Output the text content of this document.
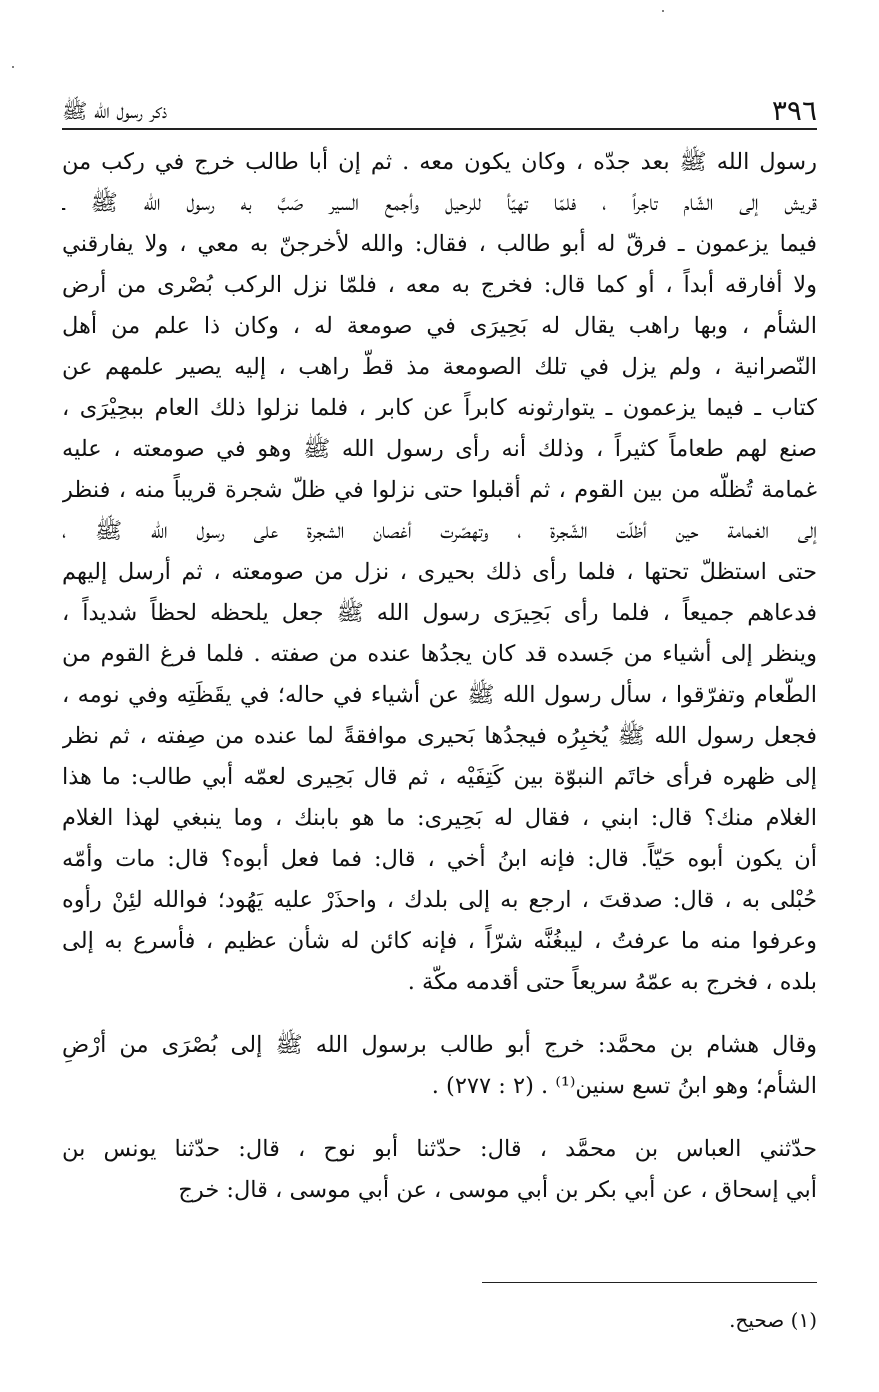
٣٩٦
ذكر رسول الله ﷺ
رسول الله ﷺ بعد جدّه ، وكان يكون معه . ثم إن أبا طالب خرج في ركب من
قريش إلى الشّام تاجراً ، فلمّا تهيّأ للرحيل وأجمع السير صَبَّ به رسول الله ﷺ ـ
فيما يزعمون ـ فرقّ له أبو طالب ، فقال: والله لأخرجنّ به معي ، ولا يفارقني
ولا أفارقه أبداً ، أو كما قال: فخرج به معه ، فلمّا نزل الركب بُصْرى من أرض
الشأم ، وبها راهب يقال له بَحِيرَى في صومعة له ، وكان ذا علم من أهل
النّصرانية ، ولم يزل في تلك الصومعة مذ قطّ راهب ، إليه يصير علمهم عن
كتاب ـ فيما يزعمون ـ يتوارثونه كابراً عن كابر ، فلما نزلوا ذلك العام ببحِيْرَى ،
صنع لهم طعاماً كثيراً ، وذلك أنه رأى رسول الله ﷺ وهو في صومعته ، عليه
غمامة تُظلّه من بين القوم ، ثم أقبلوا حتى نزلوا في ظلّ شجرة قريباً منه ، فنظر
إلى الغمامة حين أظلّت الشّجرة ، وتهصّرت أغصان الشجرة على رسول الله ﷺ ،
حتى استظلّ تحتها ، فلما رأى ذلك بحيرى ، نزل من صومعته ، ثم أرسل إليهم
فدعاهم جميعاً ، فلما رأى بَحِيرَى رسول الله ﷺ جعل يلحظه لحظاً شديداً ،
وينظر إلى أشياء من جَسده قد كان يجدُها عنده من صفته . فلما فرغ القوم من
الطّعام وتفرّقوا ، سأل رسول الله ﷺ عن أشياء في حاله؛ في يقَظَتِه وفي نومه ،
فجعل رسول الله ﷺ يُخبِرُه فيجدُها بَحيرى موافقةً لما عنده من صِفته ، ثم نظر
إلى ظهره فرأى خاتَم النبوّة بين كَتِفَيْه ، ثم قال بَحِيرى لعمّه أبي طالب: ما هذا
الغلام منك؟ قال: ابني ، فقال له بَحِيرى: ما هو بابنك ، وما ينبغي لهذا الغلام
أن يكون أبوه حَيّاً. قال: فإنه ابنُ أخي ، قال: فما فعل أبوه؟ قال: مات وأمّه
حُبْلى به ، قال: صدقتَ ، ارجع به إلى بلدك ، واحذَرْ عليه يَهُود؛ فوالله لئِنْ رأوه
وعرفوا منه ما عرفتُ ، ليبغُنَّه شرّاً ، فإنه كائن له شأن عظيم ، فأسرع به إلى
بلده ، فخرج به عمّهُ سريعاً حتى أقدمه مكّة .
وقال هشام بن محمَّد: خرج أبو طالب برسول الله ﷺ إلى بُصْرَى من أرْضِ
الشأم؛ وهو ابنُ تسع سنين⁽¹⁾ . (٢ : ٢٧٧) .
حدّثني العباس بن محمَّد ، قال: حدّثنا أبو نوح ، قال: حدّثنا يونس بن
أبي إسحاق ، عن أبي بكر بن أبي موسى ، عن أبي موسى ، قال: خرج
(١) صحيح.
